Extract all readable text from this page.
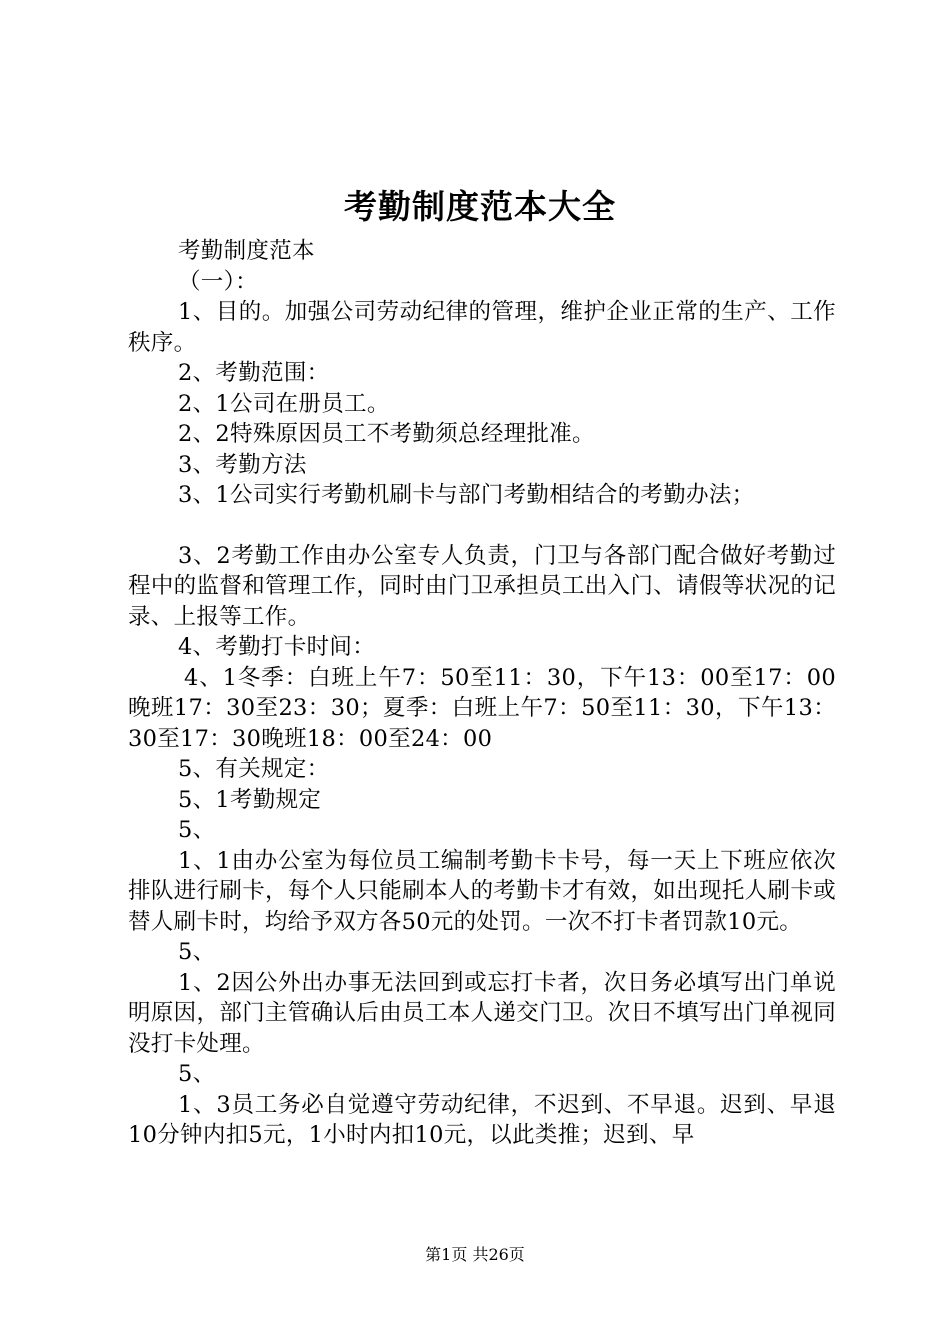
考勤制度范本大全

考勤制度范本

（一）：

1、目的。加强公司劳动纪律的管理，维护企业正常的生产、工作秩序。

2、考勤范围：

2、1公司在册员工。

2、2特殊原因员工不考勤须总经理批准。

3、考勤方法

3、1公司实行考勤机刷卡与部门考勤相结合的考勤办法；

3、2考勤工作由办公室专人负责，门卫与各部门配合做好考勤过程中的监督和管理工作，同时由门卫承担员工出入门、请假等状况的记录、上报等工作。

4、考勤打卡时间：

4、1冬季：白班上午7：50至11：30，下午13：00至17：00晚班17：30至23：30；夏季：白班上午7：50至11：30，下午13：30至17：30晚班18：00至24：00

5、有关规定：

5、1考勤规定

5、

1、1由办公室为每位员工编制考勤卡卡号，每一天上下班应依次排队进行刷卡，每个人只能刷本人的考勤卡才有效，如出现托人刷卡或替人刷卡时，均给予双方各50元的处罚。一次不打卡者罚款10元。

5、

1、2因公外出办事无法回到或忘打卡者，次日务必填写出门单说明原因，部门主管确认后由员工本人递交门卫。次日不填写出门单视同没打卡处理。

5、

1、3员工务必自觉遵守劳动纪律，不迟到、不早退。迟到、早退10分钟内扣5元，1小时内扣10元，以此类推；迟到、早

第1页 共26页
